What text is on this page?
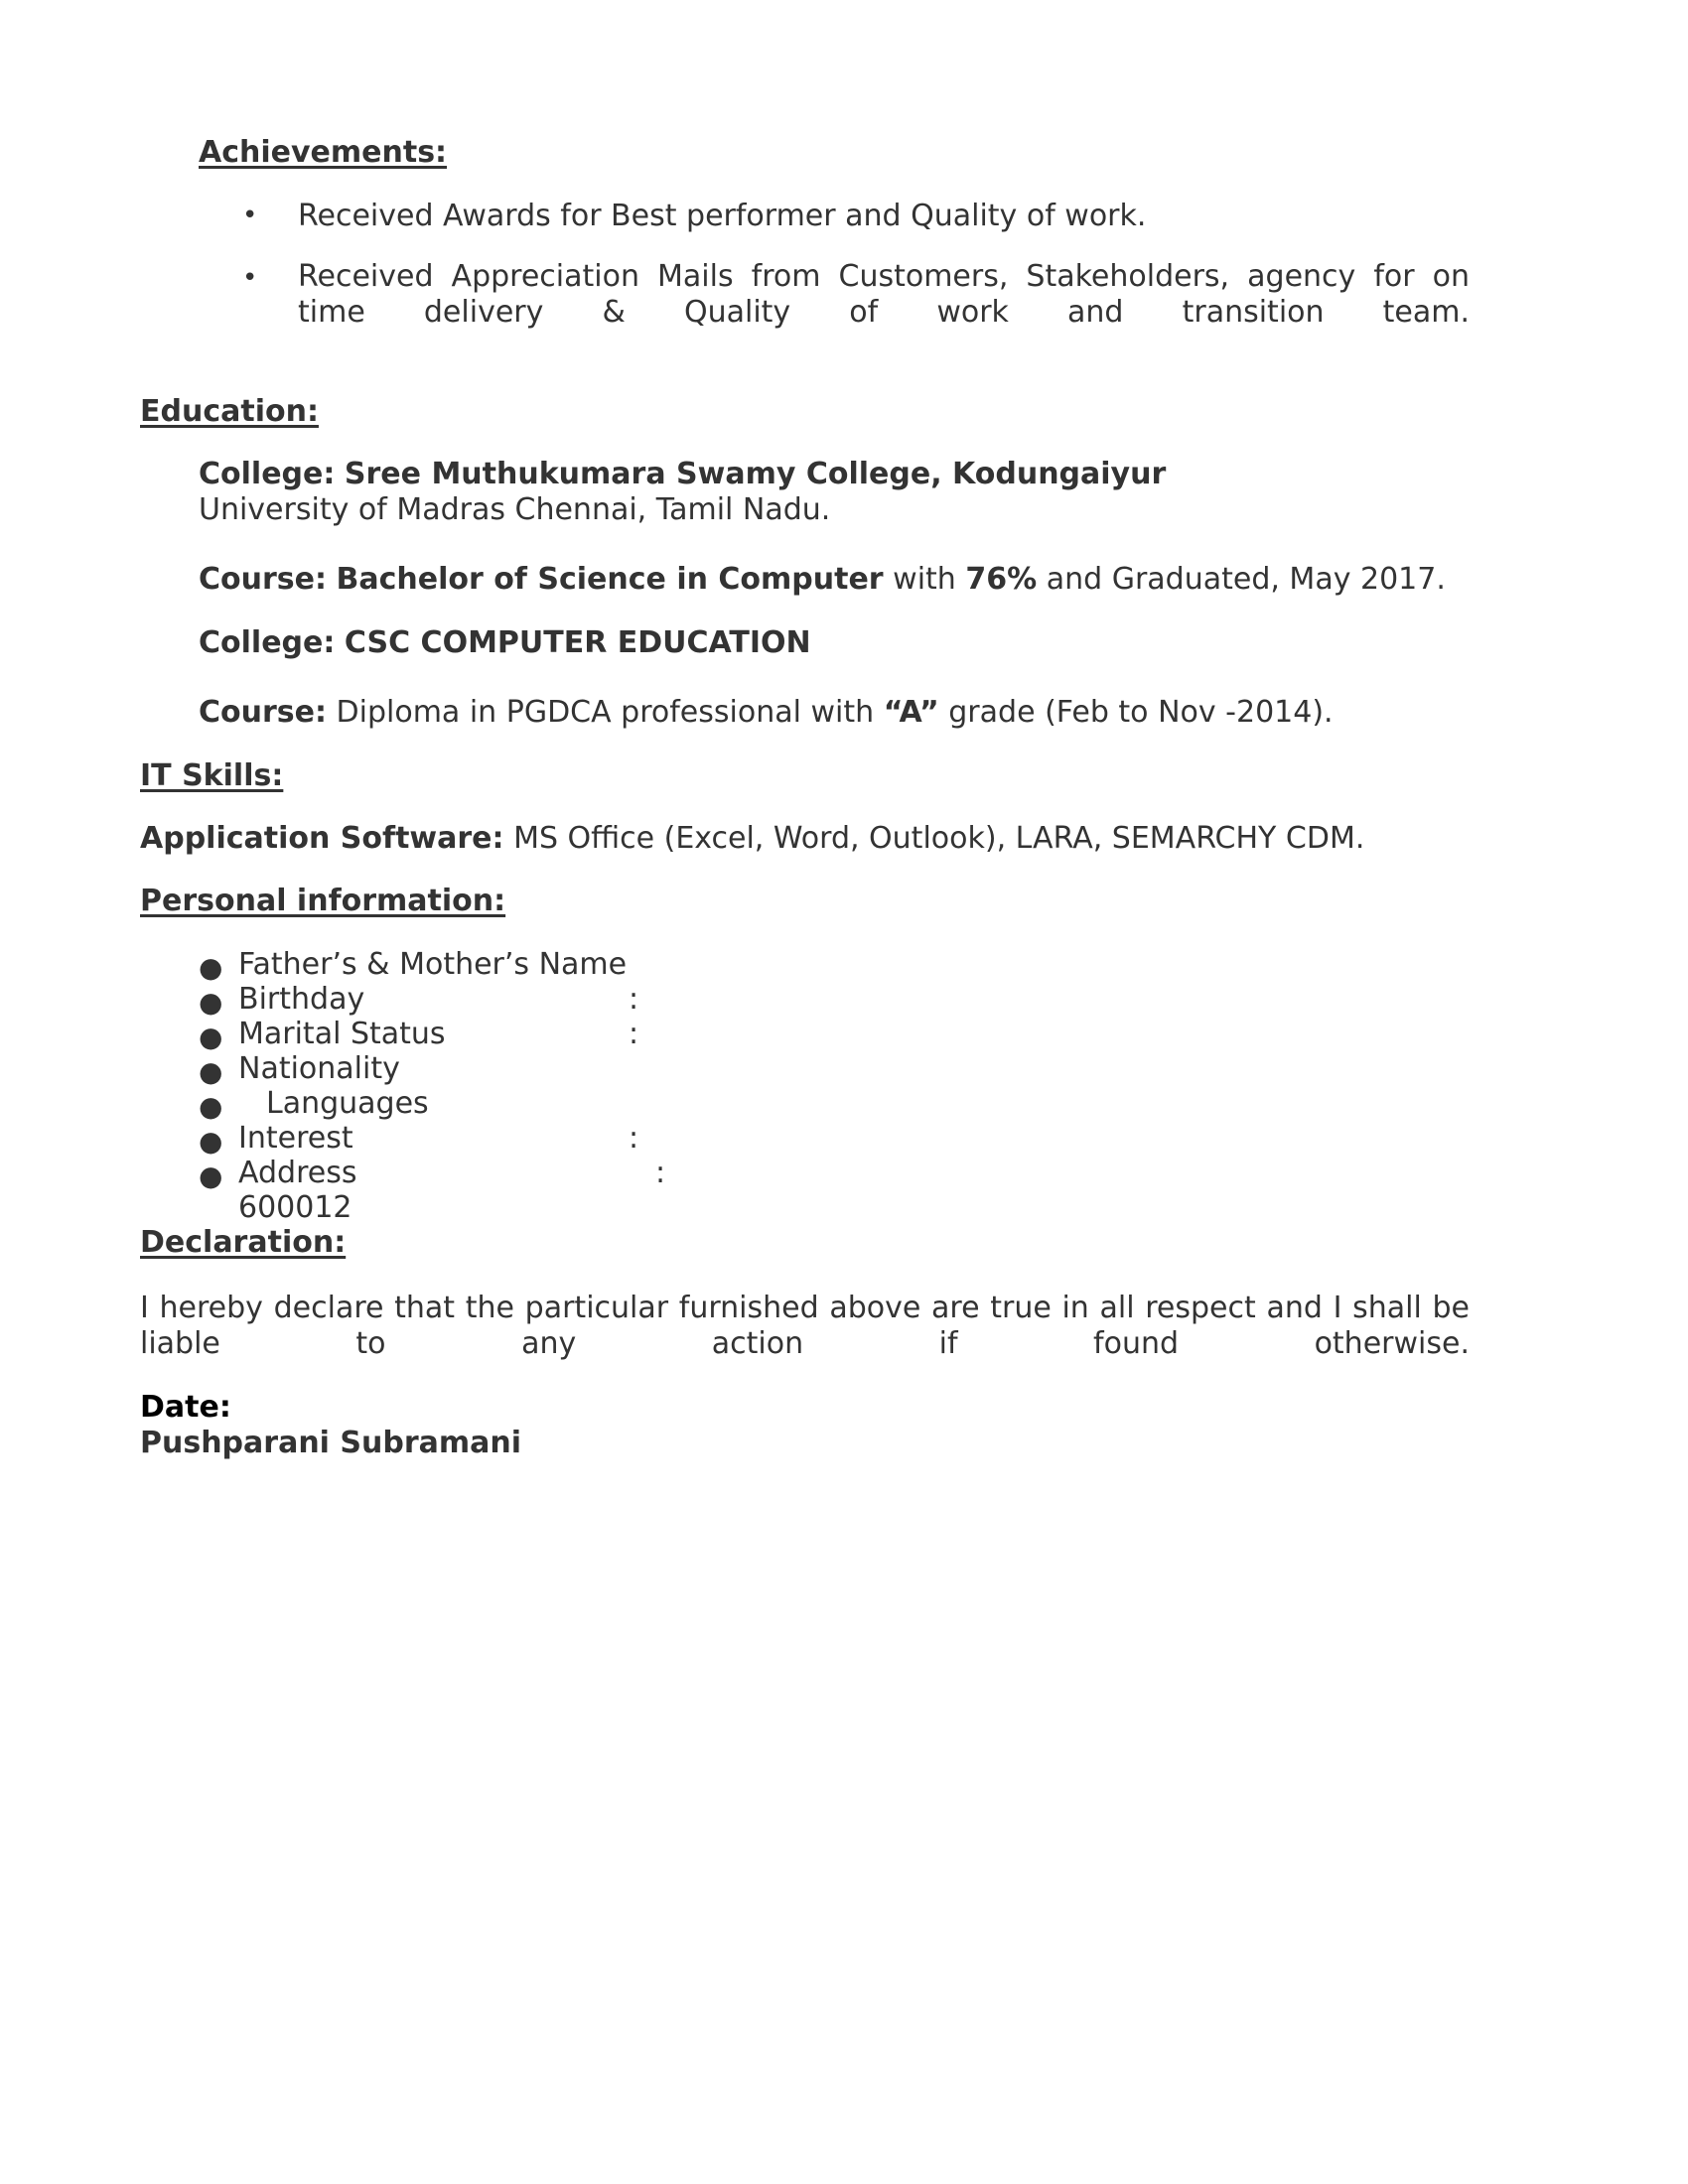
Achievements:
• Received Awards for Best performer and Quality of work.
• Received Appreciation Mails from Customers, Stakeholders, agency for on time delivery & Quality of work and transition team.
Education:
College: Sree Muthukumara Swamy College, Kodungaiyur
University of Madras Chennai, Tamil Nadu.
Course: Bachelor of Science in Computer with 76% and Graduated, May 2017.
College: CSC COMPUTER EDUCATION
Course: Diploma in PGDCA professional with “A” grade (Feb to Nov -2014).
IT Skills:
Application Software: MS Office (Excel, Word, Outlook), LARA, SEMARCHY CDM.
Personal information:
● Father’s & Mother’s Name
● Birthday	:
● Marital Status	:
● Nationality
● Languages
● Interest	:
● Address	:
600012
Declaration:
I hereby declare that the particular furnished above are true in all respect and I shall be liable to any action if found otherwise.
Date:
Pushparani Subramani
